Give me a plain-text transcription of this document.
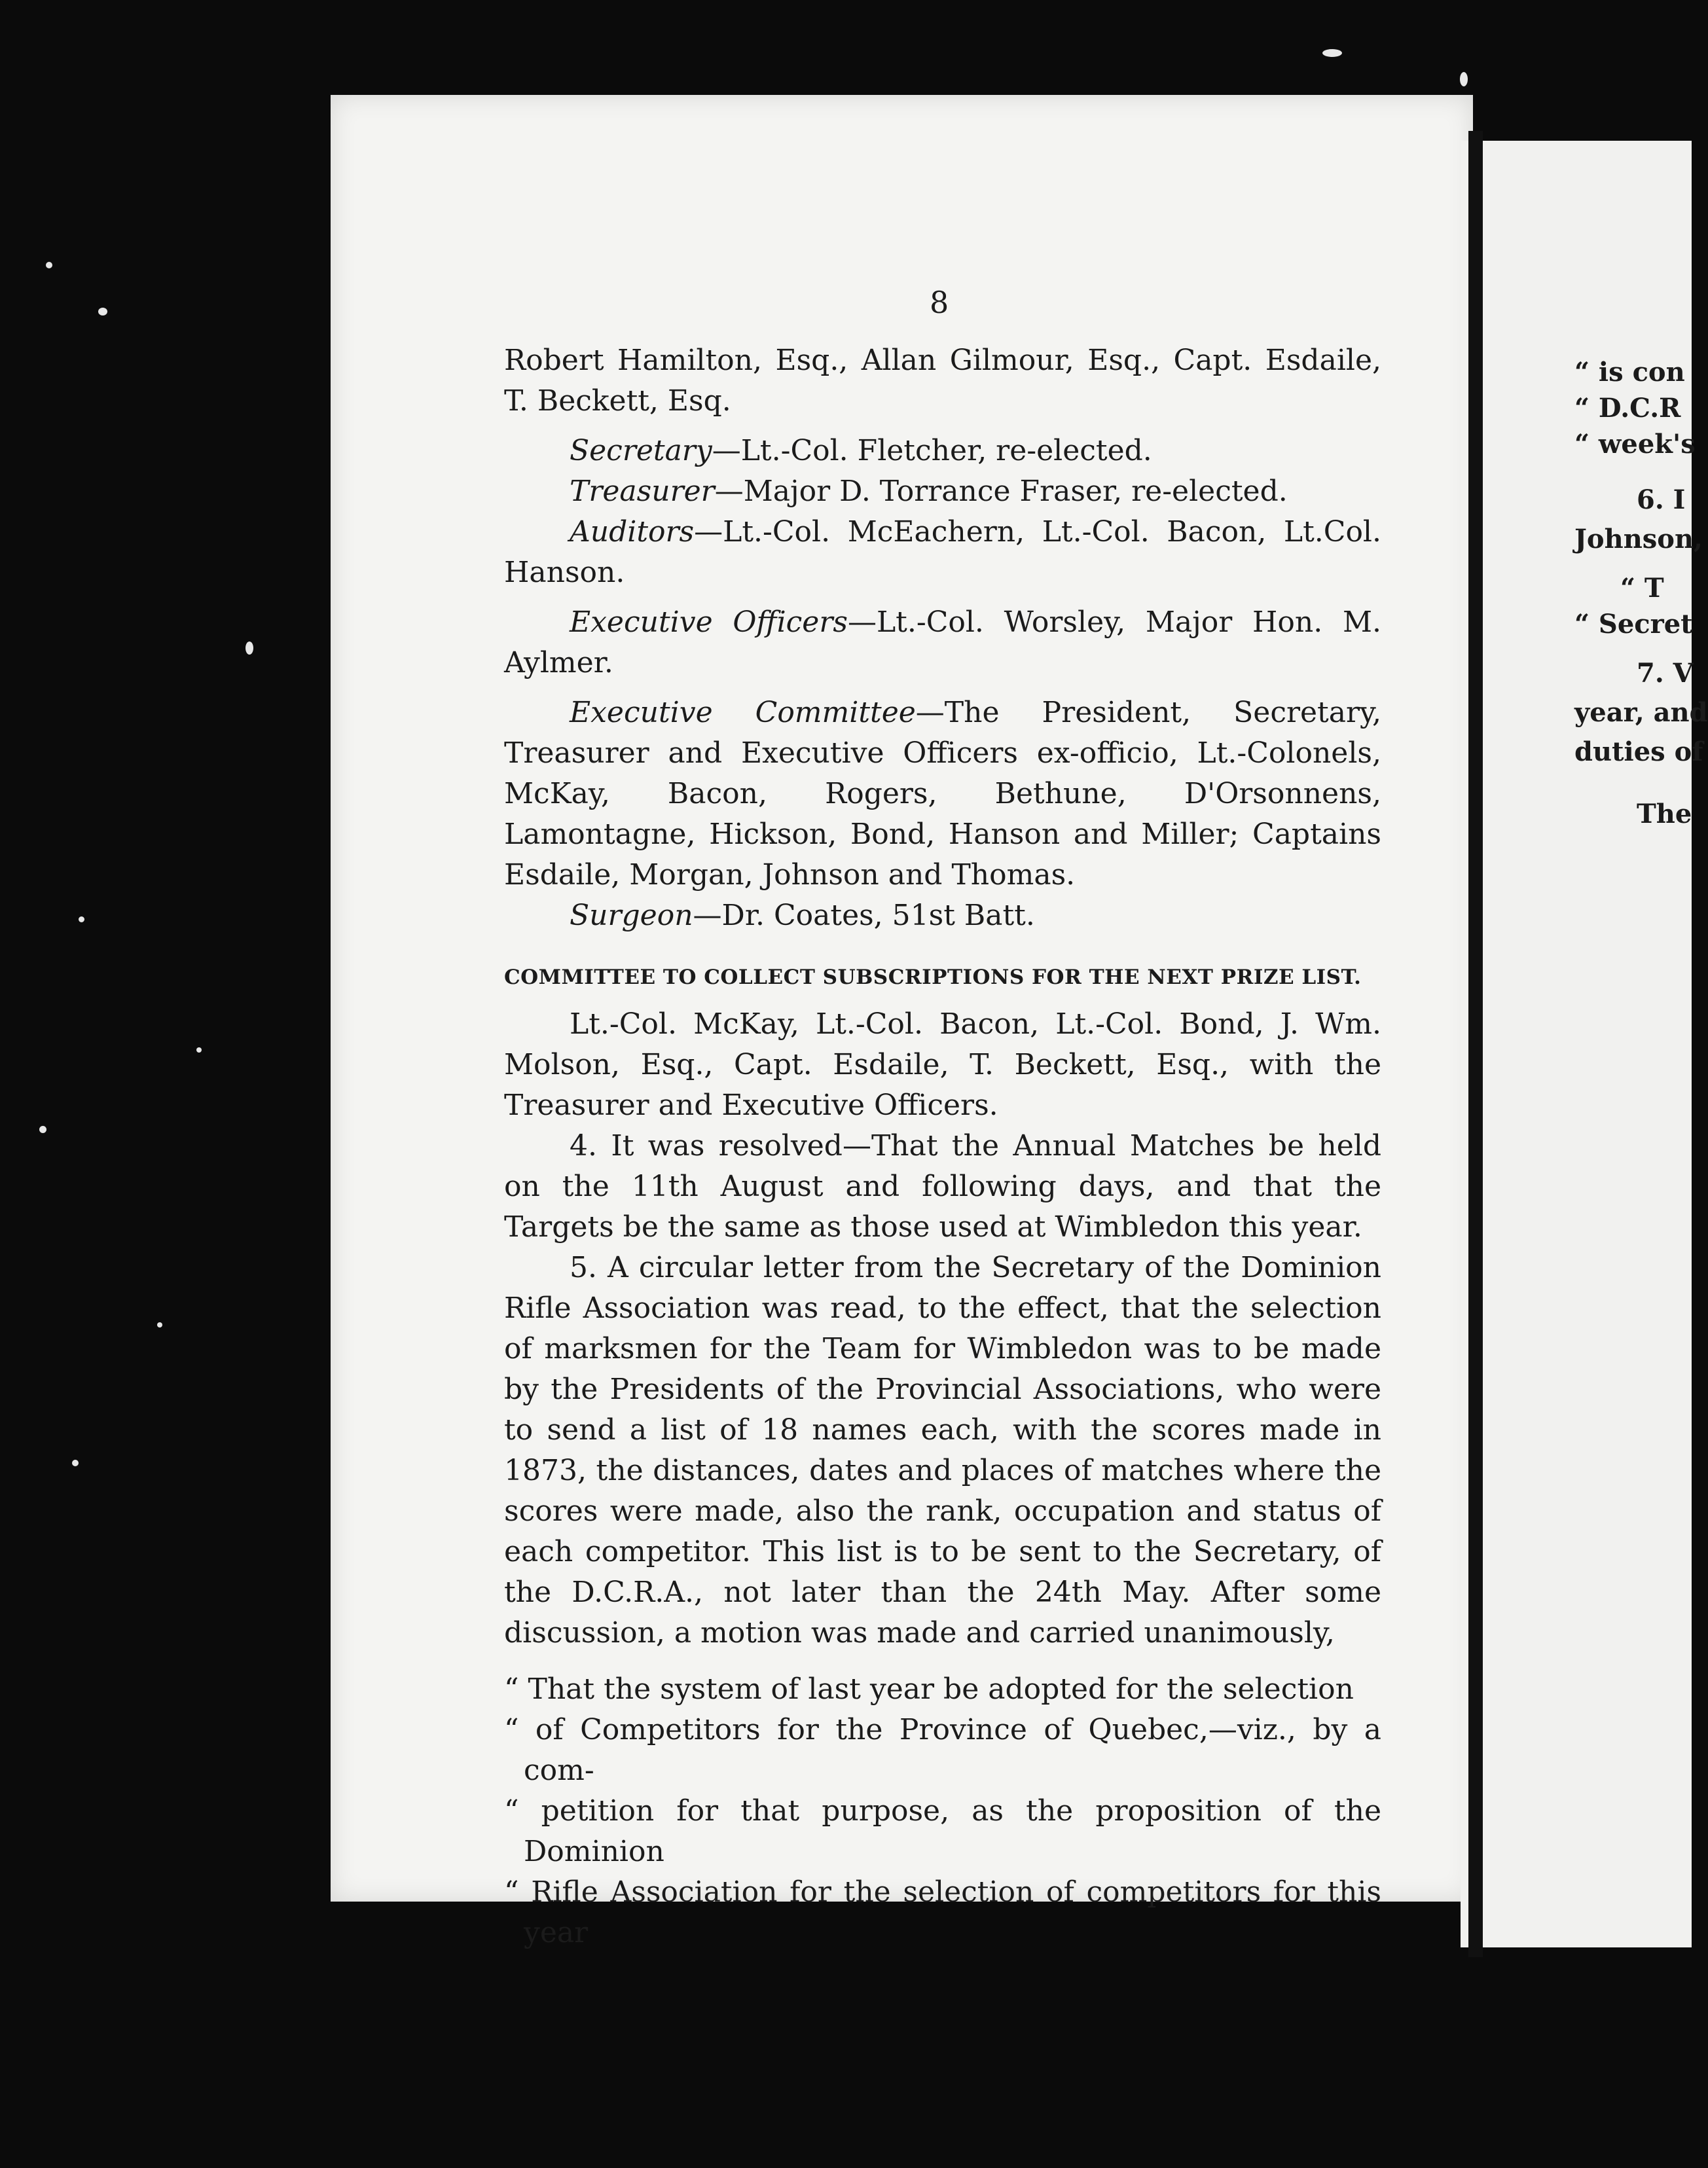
8

Robert Hamilton, Esq., Allan Gilmour, Esq., Capt. Esdaile, T. Beckett, Esq.

Secretary—Lt.-Col. Fletcher, re-elected.

Treasurer—Major D. Torrance Fraser, re-elected.

Auditors—Lt.-Col. McEachern, Lt.-Col. Bacon, Lt.Col. Hanson.

Executive Officers—Lt.-Col. Worsley, Major Hon. M. Aylmer.

Executive Committee—The President, Secretary, Treasurer and Executive Officers ex-officio, Lt.-Colonels, McKay, Bacon, Rogers, Bethune, D'Orsonnens, Lamontagne, Hickson, Bond, Hanson and Miller; Captains Esdaile, Morgan, Johnson and Thomas.

Surgeon—Dr. Coates, 51st Batt.

COMMITTEE TO COLLECT SUBSCRIPTIONS FOR THE NEXT PRIZE LIST.

Lt.-Col. McKay, Lt.-Col. Bacon, Lt.-Col. Bond, J. Wm. Molson, Esq., Capt. Esdaile, T. Beckett, Esq., with the Treasurer and Executive Officers.

4. It was resolved—That the Annual Matches be held on the 11th August and following days, and that the Targets be the same as those used at Wimbledon this year.

5. A circular letter from the Secretary of the Dominion Rifle Association was read, to the effect, that the selection of marksmen for the Team for Wimbledon was to be made by the Presidents of the Provincial Associations, who were to send a list of 18 names each, with the scores made in 1873, the distances, dates and places of matches where the scores were made, also the rank, occupation and status of each competitor. This list is to be sent to the Secretary, of the D.C.R.A., not later than the 24th May. After some discussion, a motion was made and carried unanimously,

“ That the system of last year be adopted for the selection

“ of Competitors for the Province of Quebec,—viz., by a com-

“ petition for that purpose, as the proposition of the Dominion

“ Rifle Association for the selection of competitors for this year

“ is con
“ D.C.R
“ week's
6. I
Johnson,
“ T
“ Secret
7. V
year, and
duties of
The
